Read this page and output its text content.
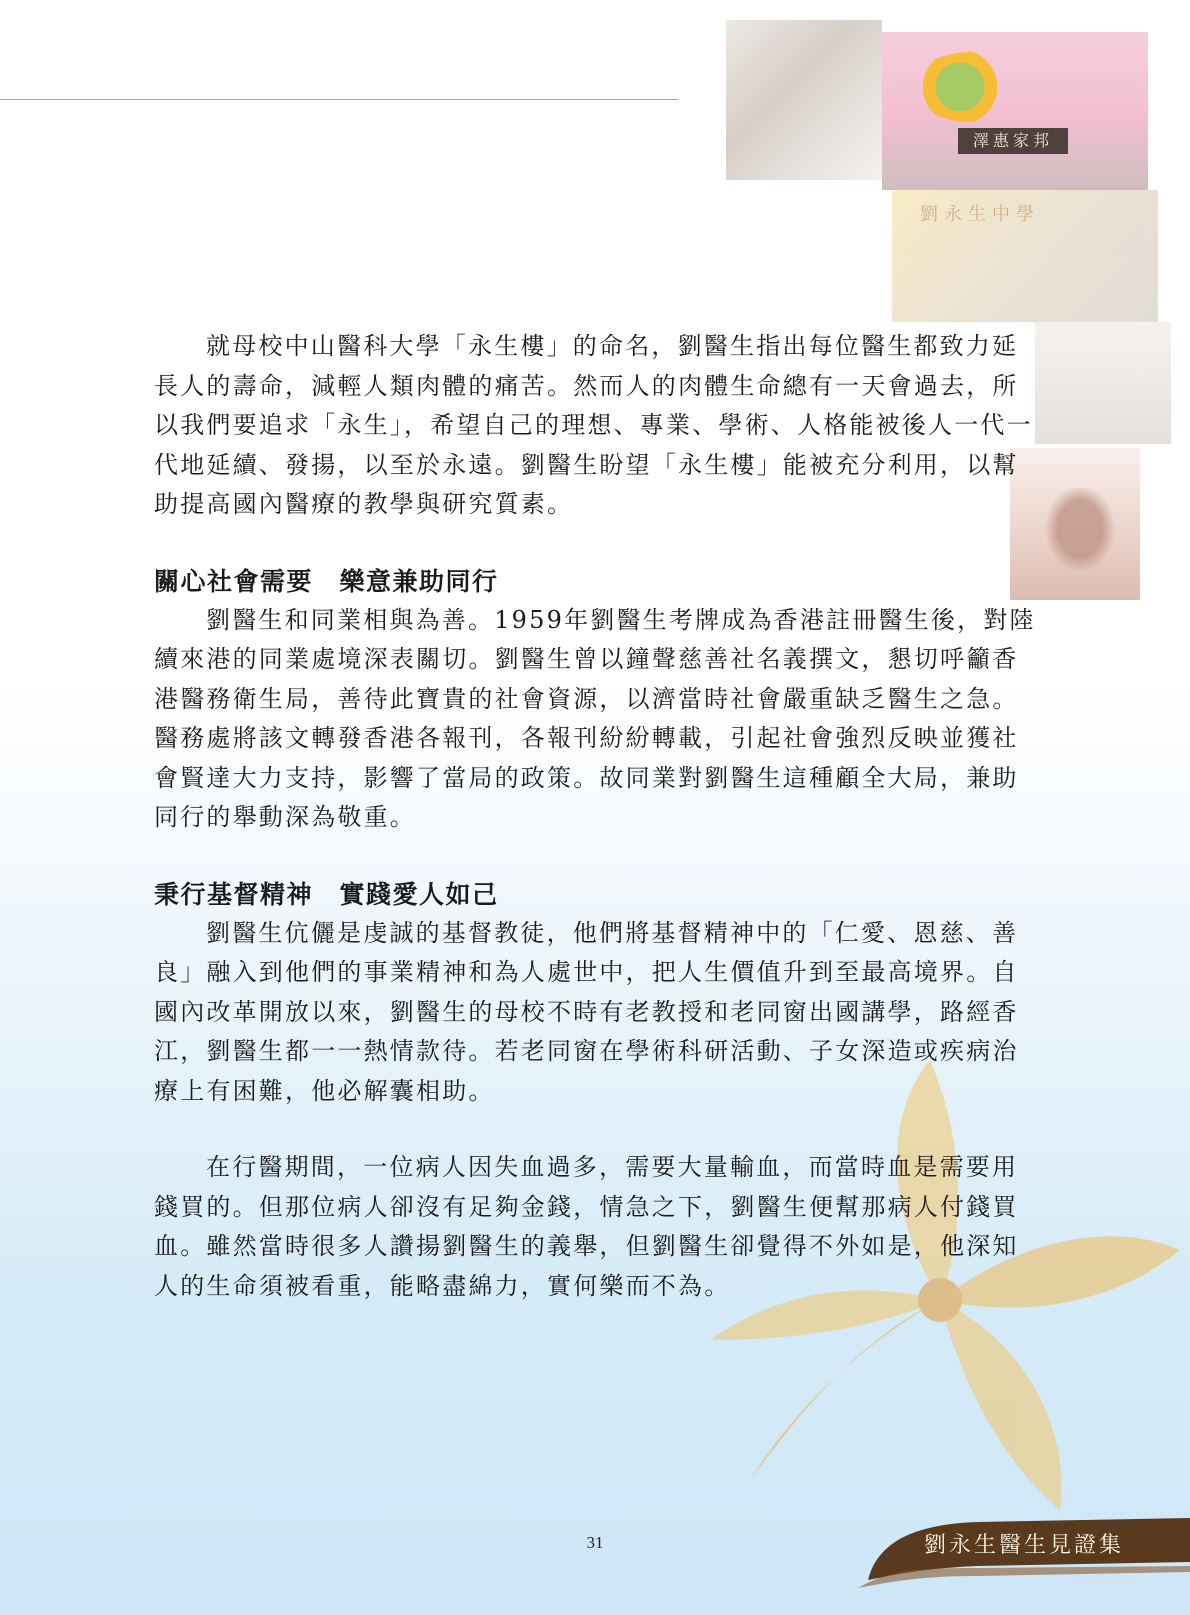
澤惠家邦
劉永生中學

就母校中山醫科大學「永生樓」的命名，劉醫生指出每位醫生都致力延長人的壽命，減輕人類肉體的痛苦。然而人的肉體生命總有一天會過去，所以我們要追求「永生」，希望自己的理想、專業、學術、人格能被後人一代一代地延續、發揚，以至於永遠。劉醫生盼望「永生樓」能被充分利用，以幫助提高國內醫療的教學與研究質素。

關心社會需要　樂意兼助同行

劉醫生和同業相與為善。1959年劉醫生考牌成為香港註冊醫生後，對陸續來港的同業處境深表關切。劉醫生曾以鐘聲慈善社名義撰文，懇切呼籲香港醫務衛生局，善待此寶貴的社會資源，以濟當時社會嚴重缺乏醫生之急。醫務處將該文轉發香港各報刊，各報刊紛紛轉載，引起社會強烈反映並獲社會賢達大力支持，影響了當局的政策。故同業對劉醫生這種顧全大局，兼助同行的舉動深為敬重。

秉行基督精神　實踐愛人如己

劉醫生伉儷是虔誠的基督教徒，他們將基督精神中的「仁愛、恩慈、善良」融入到他們的事業精神和為人處世中，把人生價值升到至最高境界。自國內改革開放以來，劉醫生的母校不時有老教授和老同窗出國講學，路經香江，劉醫生都一一熱情款待。若老同窗在學術科研活動、子女深造或疾病治療上有困難，他必解囊相助。

在行醫期間，一位病人因失血過多，需要大量輸血，而當時血是需要用錢買的。但那位病人卻沒有足夠金錢，情急之下，劉醫生便幫那病人付錢買血。雖然當時很多人讚揚劉醫生的義舉，但劉醫生卻覺得不外如是，他深知人的生命須被看重，能略盡綿力，實何樂而不為。

31	劉永生醫生見證集
